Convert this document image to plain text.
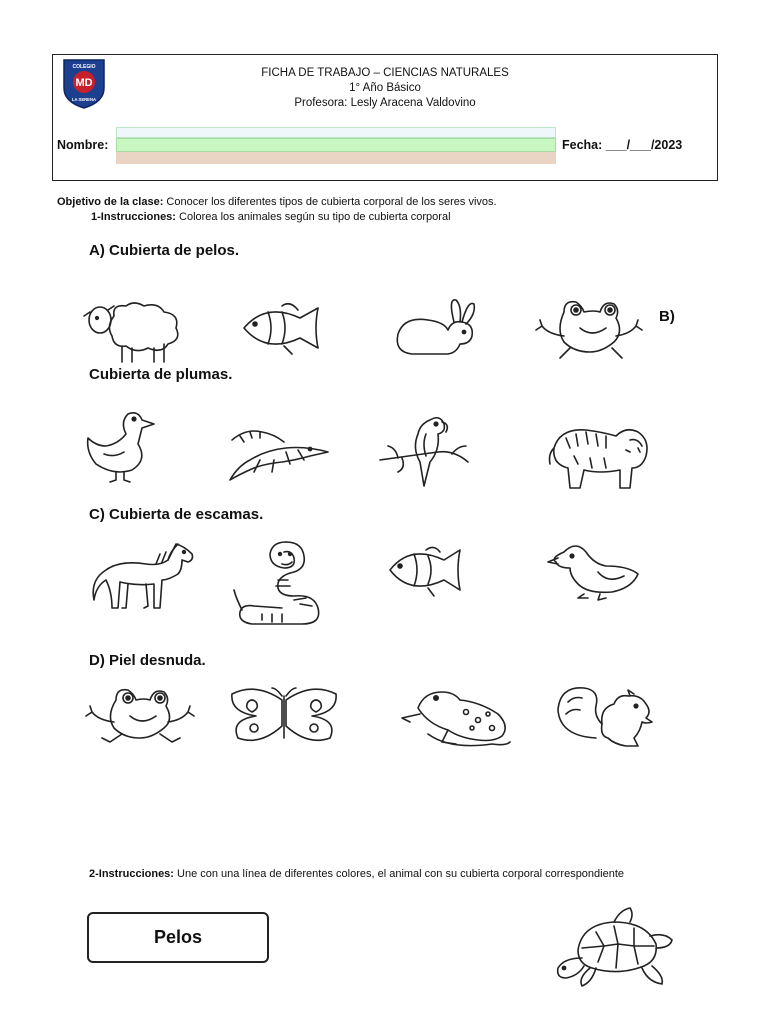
MD
COLEGIO
LA SERENA
FICHA DE TRABAJO – CIENCIAS NATURALES
1° Año Básico
Profesora: Lesly Aracena Valdovino
Nombre:	Fecha: ___/___/2023
Objetivo de la clase: Conocer los diferentes tipos de cubierta corporal de los seres vivos.
1-Instrucciones: Colorea los animales según su tipo de cubierta corporal
A) Cubierta de pelos.
B)
Cubierta de plumas.
C) Cubierta de escamas.
D) Piel desnuda.
2-Instrucciones: Une con una línea de diferentes colores, el animal con su cubierta corporal correspondiente
Pelos
